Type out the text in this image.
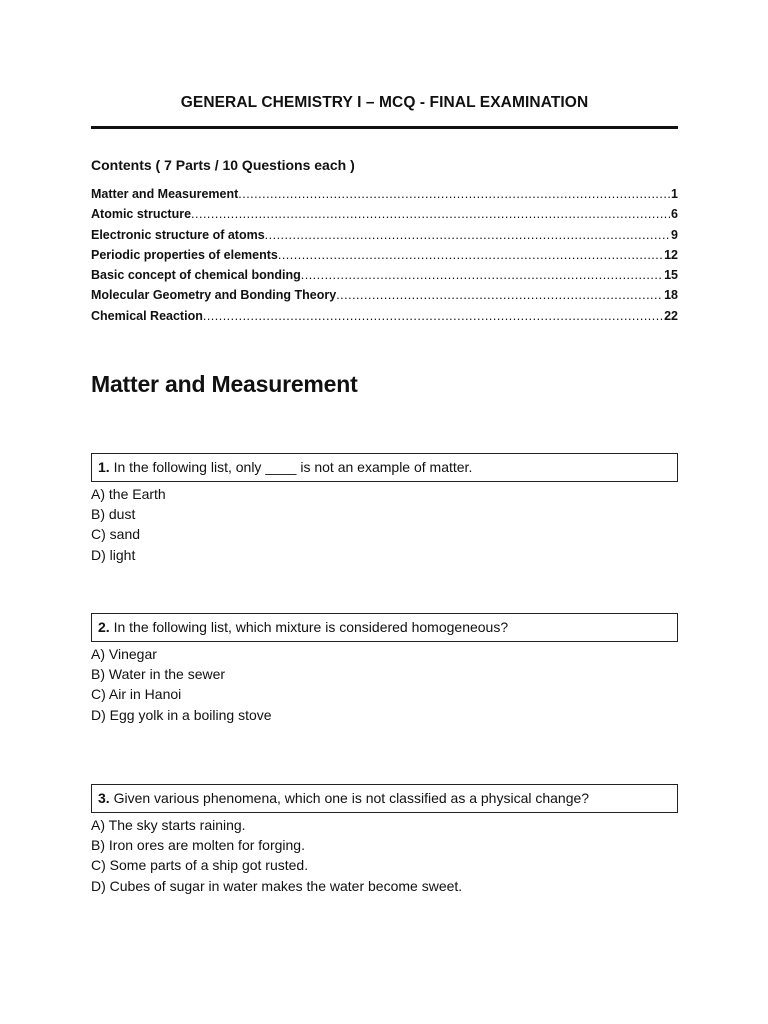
GENERAL CHEMISTRY I – MCQ - FINAL EXAMINATION
Contents ( 7 Parts / 10 Questions each )
Matter and Measurement .....	1
Atomic structure .....	6
Electronic structure of atoms .....	9
Periodic properties of elements .....	12
Basic concept of chemical bonding .....	15
Molecular Geometry and Bonding Theory .....	18
Chemical Reaction .....	22
Matter and Measurement
1. In the following list, only ____ is not an example of matter.
A) the Earth
B) dust
C) sand
D) light
2. In the following list, which mixture is considered homogeneous?
A) Vinegar
B) Water in the sewer
C) Air in Hanoi
D) Egg yolk in a boiling stove
3. Given various phenomena, which one is not classified as a physical change?
A) The sky starts raining.
B) Iron ores are molten for forging.
C) Some parts of a ship got rusted.
D) Cubes of sugar in water makes the water become sweet.
